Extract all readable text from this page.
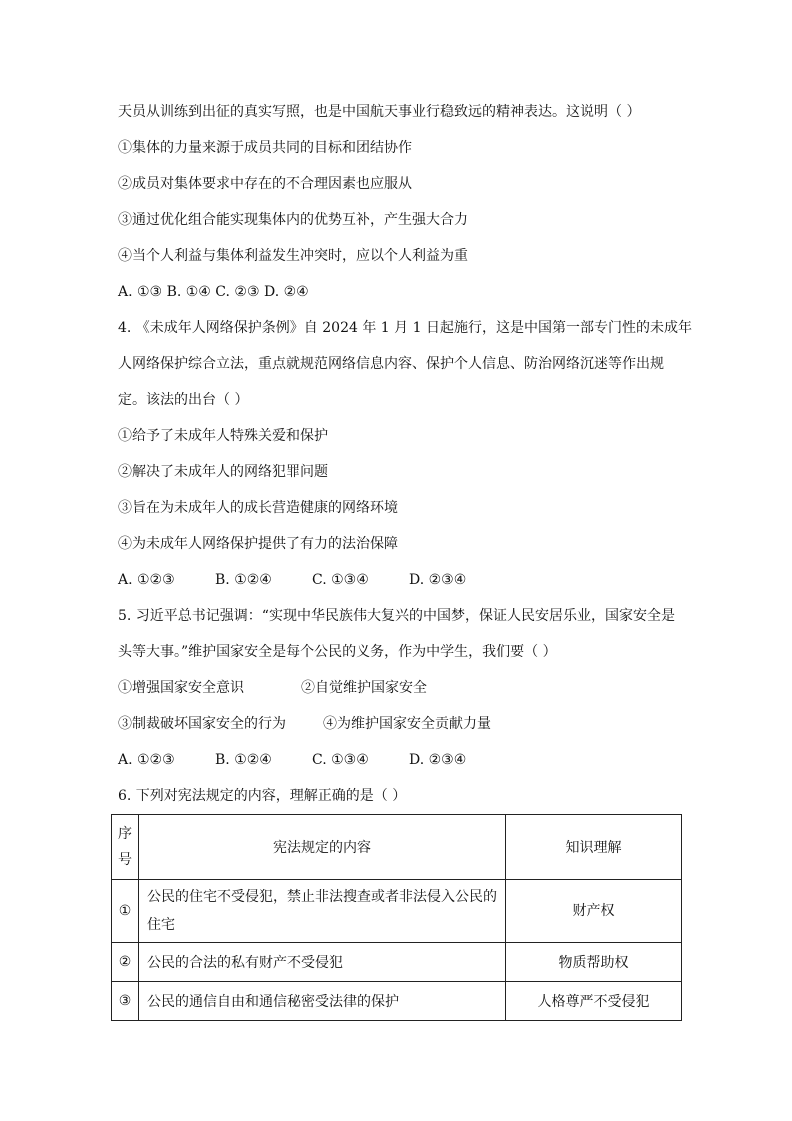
天员从训练到出征的真实写照，也是中国航天事业行稳致远的精神表达。这说明（ ）
①集体的力量来源于成员共同的目标和团结协作
②成员对集体要求中存在的不合理因素也应服从
③通过优化组合能实现集体内的优势互补，产生强大合力
④当个人利益与集体利益发生冲突时，应以个人利益为重
A. ①③ B. ①④ C. ②③ D. ②④
4. 《未成年人网络保护条例》自 2024 年 1 月 1 日起施行，这是中国第一部专门性的未成年
人网络保护综合立法，重点就规范网络信息内容、保护个人信息、防治网络沉迷等作出规
定。该法的出台（ ）
①给予了未成年人特殊关爱和保护
②解决了未成年人的网络犯罪问题
③旨在为未成年人的成长营造健康的网络环境
④为未成年人网络保护提供了有力的法治保障
A. ①②③	B. ①②④	C. ①③④	D. ②③④
5. 习近平总书记强调：“实现中华民族伟大复兴的中国梦，保证人民安居乐业，国家安全是
头等大事。”维护国家安全是每个公民的义务，作为中学生，我们要（ ）
①增强国家安全意识	②自觉维护国家安全
③制裁破坏国家安全的行为	④为维护国家安全贡献力量
A. ①②③	B. ①②④	C. ①③④	D. ②③④
6. 下列对宪法规定的内容，理解正确的是（ ）
序
号	宪法规定的内容	知识理解
①	公民的住宅不受侵犯，禁止非法搜查或者非法侵入公民的
住宅	财产权
②	公民的合法的私有财产不受侵犯	物质帮助权
③	公民的通信自由和通信秘密受法律的保护	人格尊严不受侵犯
